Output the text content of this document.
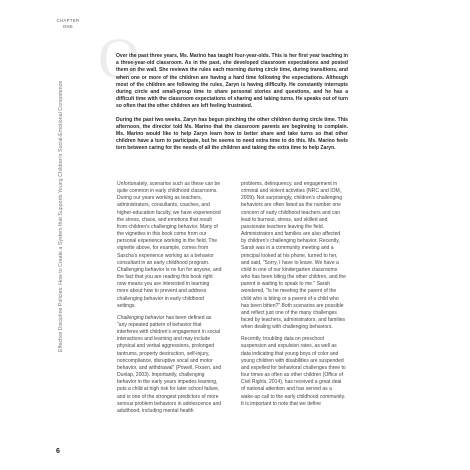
CHAPTER
ONE
Effective Discipline Policies: How to Create a System that Supports Young Children's Social-Emotional Competence
6
O

Over the past three years, Ms. Marino has taught four-year-olds. This is her first year teaching in a three-year-old classroom. As in the past, she developed classroom expectations and posted them on the wall. She reviews the rules each morning during circle time, during transitions, and when one or more of the children are having a hard time following the expectations. Although most of the children are following the rules, Zaryn is having difficulty. He constantly interrupts during circle and small-group time to share personal stories and questions, and he has a difficult time with the classroom expectations of sharing and taking turns. He speaks out of turn so often that the other children are left feeling frustrated.

During the past two weeks, Zaryn has begun pinching the other children during circle time. This afternoon, the director told Ms. Marino that the classroom parents are beginning to complain. Ms. Marino would like to help Zaryn learn how to better share and take turns so that other children have a turn to participate, but he seems to need extra time to do this. Ms. Marino feels torn between caring for the needs of all the children and taking the extra time to help Zaryn.

Unfortunately, scenarios such as these can be quite common in early childhood classrooms. During our years working as teachers, administrators, consultants, coaches, and higher-education faculty, we have experienced the stress, chaos, and emotions that result from children's challenging behavior. Many of the vignettes in this book come from our personal experience working in the field. The vignette above, for example, comes from Sascha's experience working as a behavior consultant in an early childhood program. Challenging behavior is no fun for anyone, and the fact that you are reading this book right now means you are interested in learning more about how to prevent and address challenging behavior in early childhood settings.

Challenging behavior has been defined as "any repeated pattern of behavior that interferes with children's engagement in social interactions and learning and may include physical and verbal aggressions, prolonged tantrums, property destruction, self-injury, noncompliance, disruptive vocal and motor behavior, and withdrawal" (Powell, Fixsen, and Dunlap, 2003). Importantly, challenging behavior in the early years impedes learning, puts a child at high risk for later school failure, and is one of the strongest predictors of more serious problem behaviors in adolescence and adulthood, including mental health

problems, delinquency, and engagement in criminal and violent activities (NRC and IOM, 2009). Not surprisingly, children's challenging behaviors are often listed as the number one concern of early childhood teachers and can lead to burnout, stress, and skilled and passionate teachers leaving the field. Administrators and families are also affected by children's challenging behavior. Recently, Sarah was in a community meeting and a principal looked at his phone, turned to her, and said, "Sorry, I have to leave. We have a child in one of our kindergarten classrooms who has been biting the other children, and the parent is waiting to speak to me." Sarah wondered, "Is he meeting the parent of the child who is biting or a parent of a child who has been bitten?" Both scenarios are possible and reflect just one of the many challenges faced by teachers, administrators, and families when dealing with challenging behaviors.

Recently, troubling data on preschool suspension and expulsion rates, as well as data indicating that young boys of color and young children with disabilities are suspended and expelled for behavioral challenges three to four times as often as other children (Office of Civil Rights, 2014), has received a great deal of national attention and has served as a wake-up call to the early childhood community. It is important to note that we define
